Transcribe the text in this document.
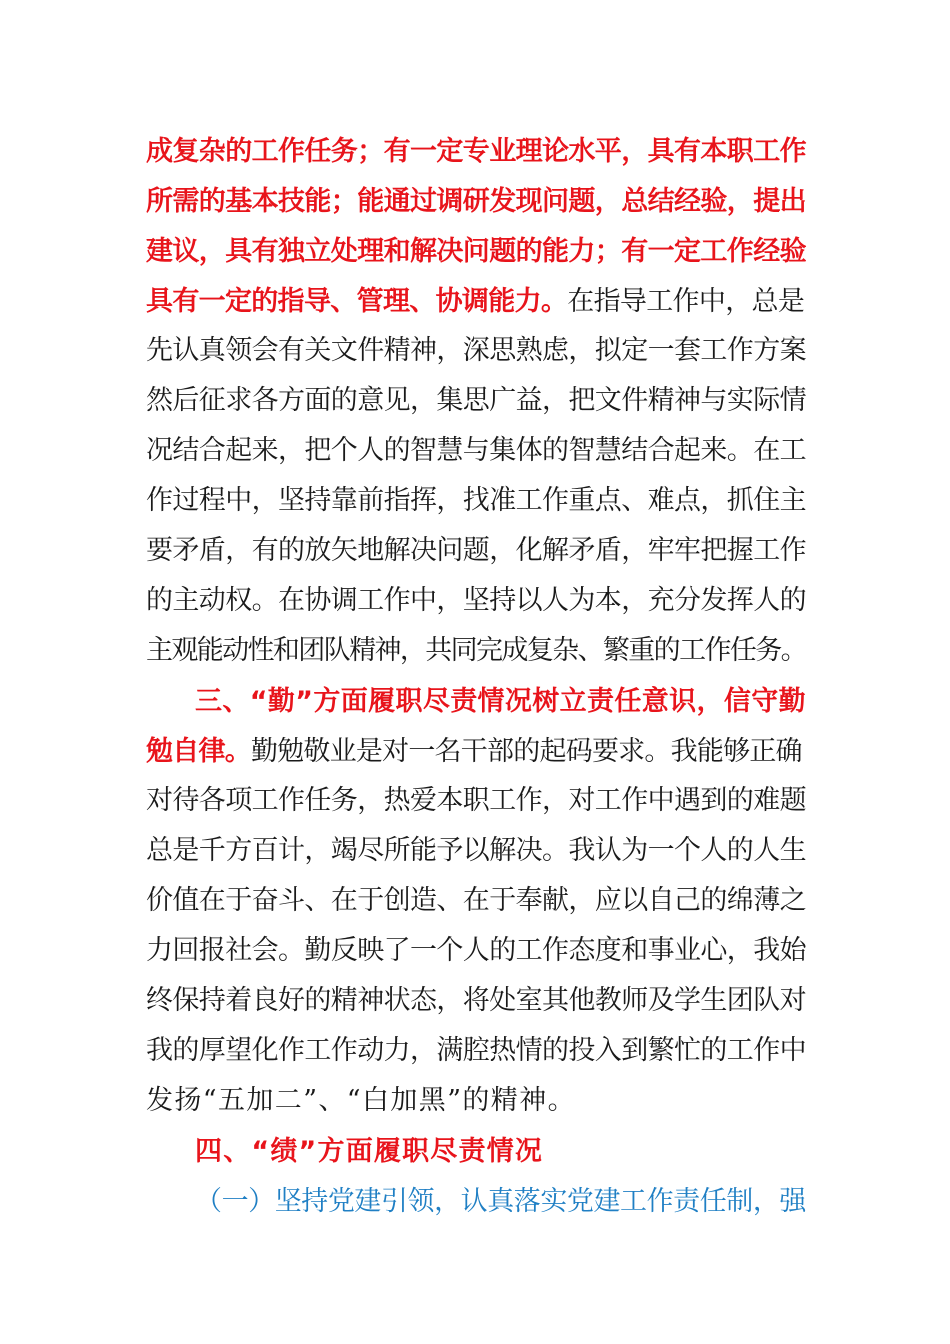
成复杂的工作任务；有一定专业理论水平，具有本职工作
所需的基本技能；能通过调研发现问题，总结经验，提出
建议，具有独立处理和解决问题的能力；有一定工作经验
具有一定的指导、管理、协调能力。在指导工作中，总是
先认真领会有关文件精神，深思熟虑，拟定一套工作方案
然后征求各方面的意见，集思广益，把文件精神与实际情
况结合起来，把个人的智慧与集体的智慧结合起来。在工
作过程中，坚持靠前指挥，找准工作重点、难点，抓住主
要矛盾，有的放矢地解决问题，化解矛盾，牢牢把握工作
的主动权。在协调工作中，坚持以人为本，充分发挥人的
主观能动性和团队精神，共同完成复杂、繁重的工作任务。
三、“勤”方面履职尽责情况树立责任意识，信守勤
勉自律。勤勉敬业是对一名干部的起码要求。我能够正确
对待各项工作任务，热爱本职工作，对工作中遇到的难题
总是千方百计，竭尽所能予以解决。我认为一个人的人生
价值在于奋斗、在于创造、在于奉献，应以自己的绵薄之
力回报社会。勤反映了一个人的工作态度和事业心，我始
终保持着良好的精神状态，将处室其他教师及学生团队对
我的厚望化作工作动力，满腔热情的投入到繁忙的工作中
发扬“五加二”、“白加黑”的精神。
四、“绩”方面履职尽责情况
（一）坚持党建引领，认真落实党建工作责任制，强
